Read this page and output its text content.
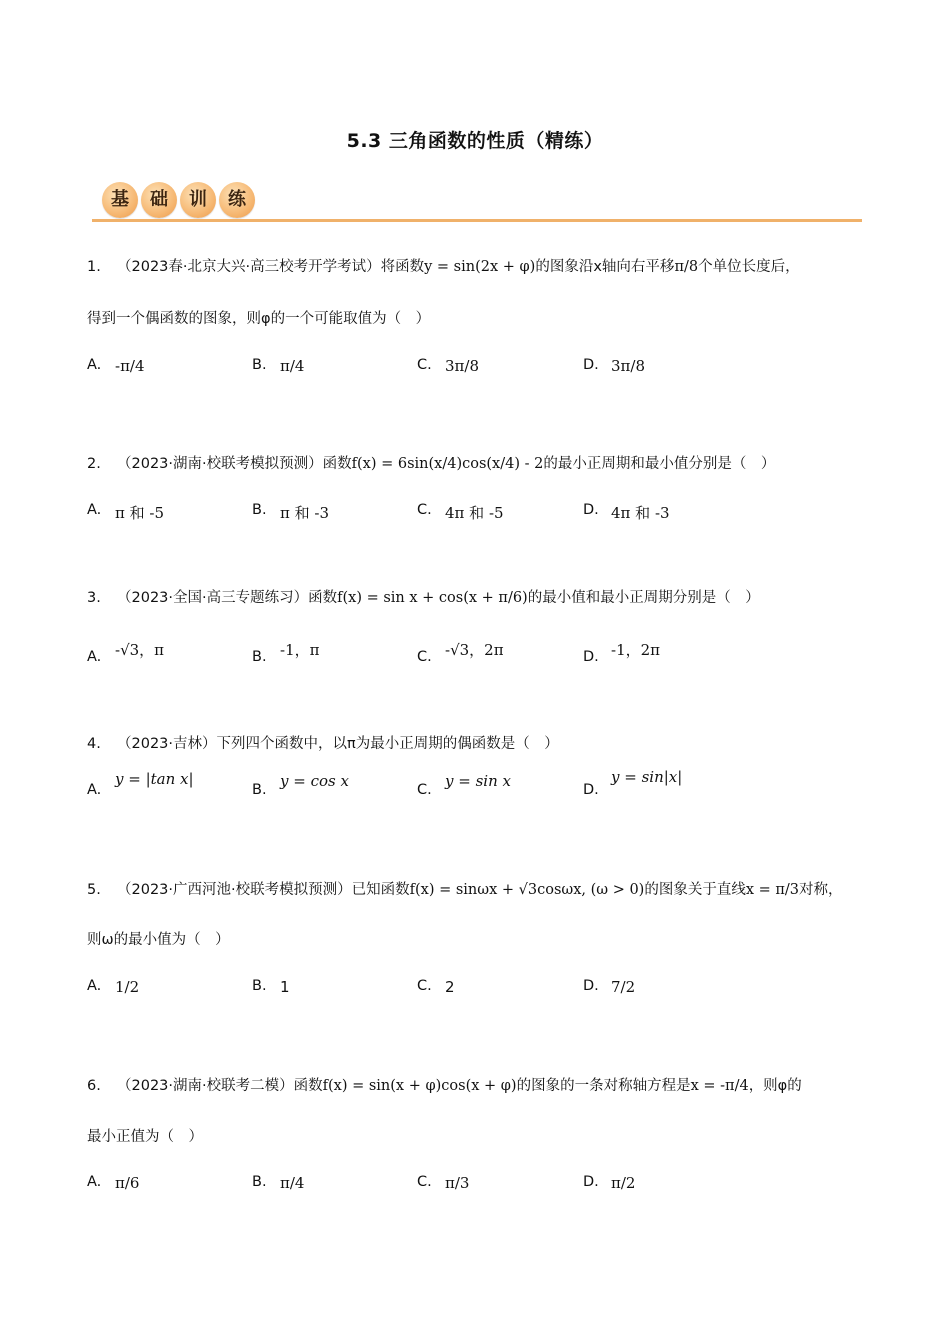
5.3 三角函数的性质（精练）
基	础	训	练
1. （2023春·北京大兴·高三校考开学考试）将函数y = sin(2x + φ)的图象沿x轴向右平移π/8个单位长度后，
得到一个偶函数的图象，则φ的一个可能取值为（　）
A. -π/4	B. π/4	C. 3π/8	D. 3π/8
2. （2023·湖南·校联考模拟预测）函数f(x) = 6sin(x/4)cos(x/4) - 2的最小正周期和最小值分别是（　）
A. π 和 -5	B. π 和 -3	C. 4π 和 -5	D. 4π 和 -3
3. （2023·全国·高三专题练习）函数f(x) = sin x + cos(x + π/6)的最小值和最小正周期分别是（　）
A. -√3，π	B. -1，π	C. -√3，2π	D. -1，2π
4. （2023·吉林）下列四个函数中，以π为最小正周期的偶函数是（　）
A.
y = |tan x|
B. y = cos x	C. y = sin x	D.
y = sin|x|
5. （2023·广西河池·校联考模拟预测）已知函数f(x) = sinωx + √3cosωx, (ω > 0)的图象关于直线x = π/3对称，
则ω的最小值为（　）
A. 1/2	B. 1	C. 2	D. 7/2
6. （2023·湖南·校联考二模）函数f(x) = sin(x + φ)cos(x + φ)的图象的一条对称轴方程是x = -π/4，则φ的
最小正值为（　）
A. π/6	B. π/4	C. π/3	D. π/2
